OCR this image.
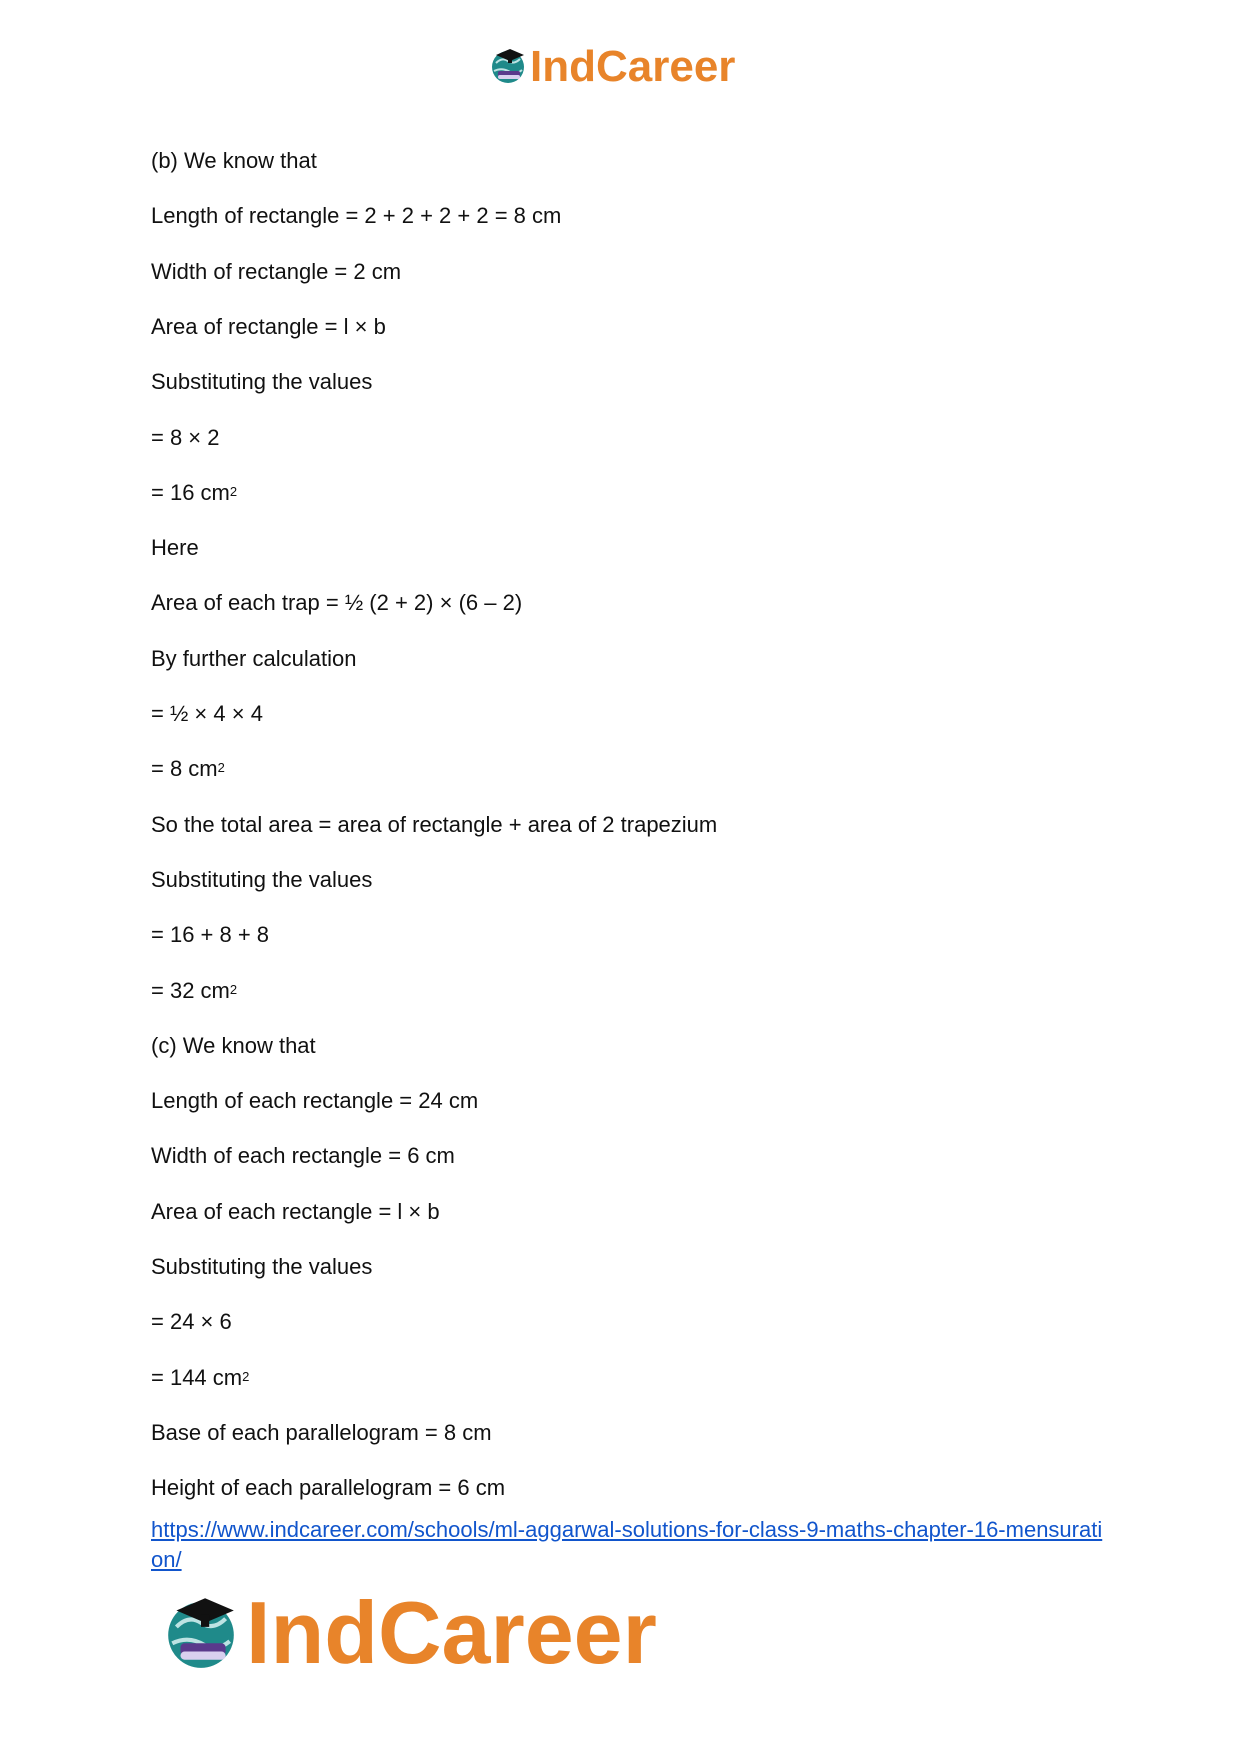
IndCareer
(b) We know that
Length of rectangle = 2 + 2 + 2 + 2 = 8 cm
Width of rectangle = 2 cm
Area of rectangle = l × b
Substituting the values
= 8 × 2
= 16 $cm^2$
Here
Area of each trap = ½ (2 + 2) × (6 – 2)
By further calculation
= ½ × 4 × 4
= 8 $cm^2$
So the total area = area of rectangle + area of 2 trapezium
Substituting the values
= 16 + 8 + 8
= 32 $cm^2$
(c) We know that
Length of each rectangle = 24 cm
Width of each rectangle = 6 cm
Area of each rectangle = l × b
Substituting the values
= 24 × 6
= 144 $cm^2$
Base of each parallelogram = 8 cm
Height of each parallelogram = 6 cm
https://www.indcareer.com/schools/ml-aggarwal-solutions-for-class-9-maths-chapter-16-mensuration/
IndCareer
